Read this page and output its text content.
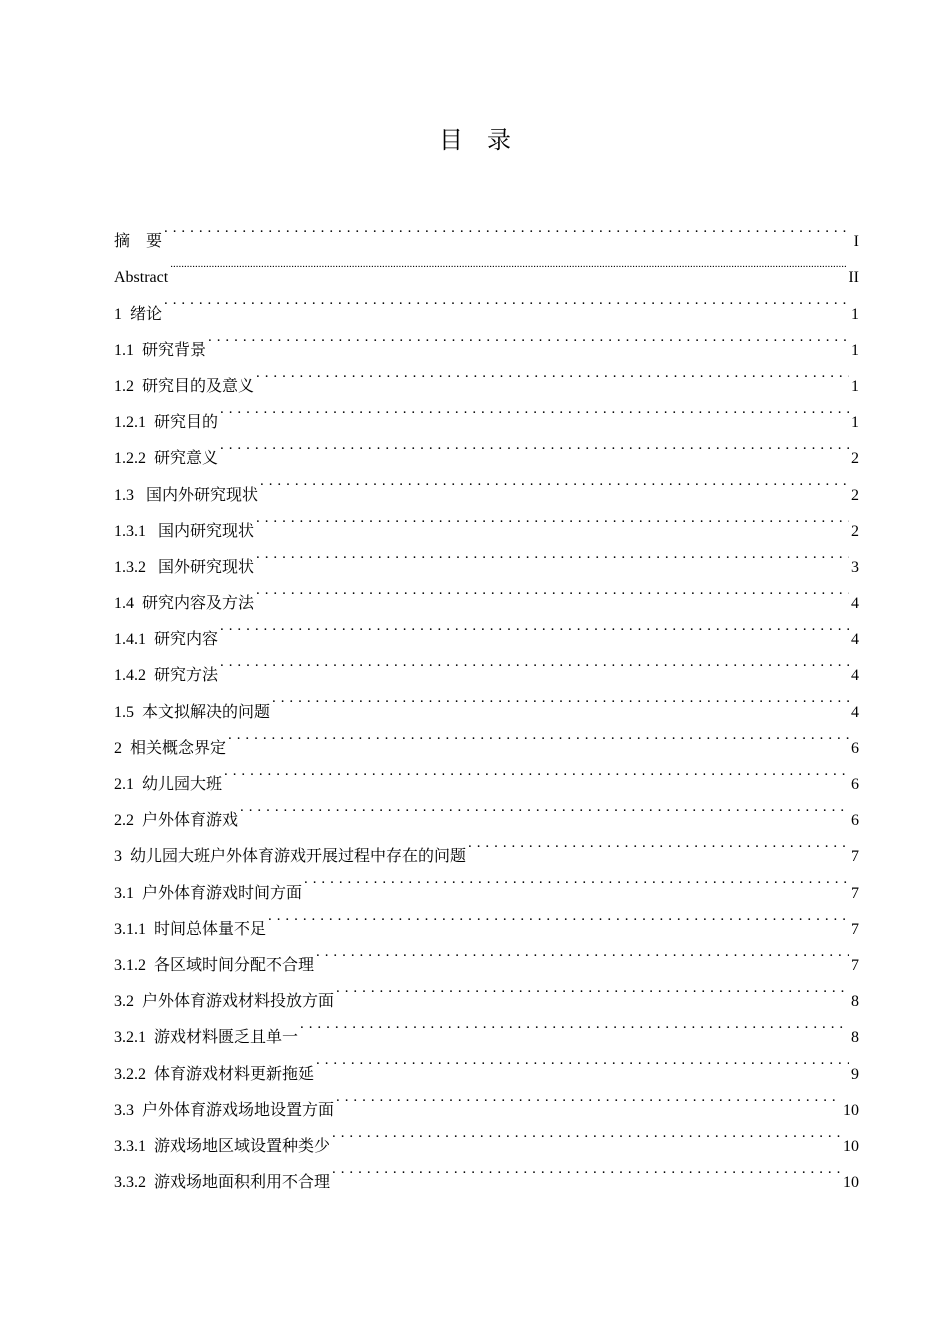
目 录
摘　要 . . .	I
Abstract .....	II
1 绪论 . . .	1
1.1 研究背景 . . .	1
1.2 研究目的及意义 . . .	1
1.2.1 研究目的 . . .	1
1.2.2 研究意义 . . .	2
1.3 国内外研究现状 . . .	2
1.3.1 国内研究现状 . . .	2
1.3.2 国外研究现状 . . .	3
1.4 研究内容及方法 . . .	4
1.4.1 研究内容 . . .	4
1.4.2 研究方法 . . .	4
1.5 本文拟解决的问题 . . .	4
2 相关概念界定 . . .	6
2.1 幼儿园大班 . . .	6
2.2 户外体育游戏 . . .	6
3 幼儿园大班户外体育游戏开展过程中存在的问题 . . .	7
3.1 户外体育游戏时间方面 . . .	7
3.1.1 时间总体量不足 . . .	7
3.1.2 各区域时间分配不合理 . . .	7
3.2 户外体育游戏材料投放方面 . . .	8
3.2.1 游戏材料匮乏且单一 . . .	8
3.2.2 体育游戏材料更新拖延 . . .	9
3.3 户外体育游戏场地设置方面 . . .	10
3.3.1 游戏场地区域设置种类少 . . .	10
3.3.2 游戏场地面积利用不合理 . . .	10
